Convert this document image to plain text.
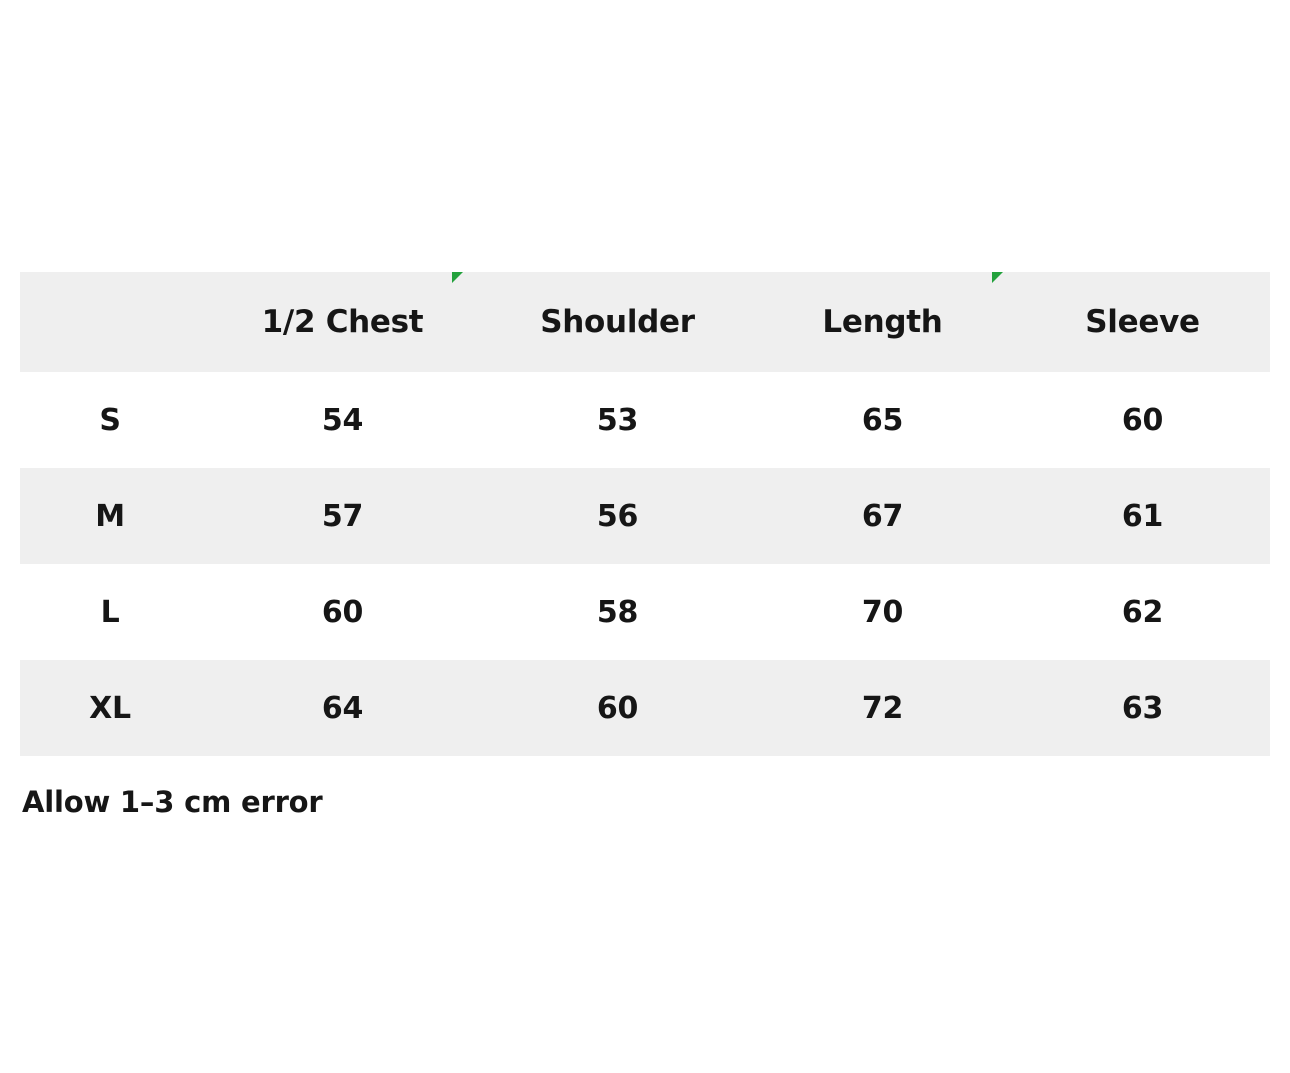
	1/2 Chest	Shoulder	Length	Sleeve
S	54	53	65	60
M	57	56	67	61
L	60	58	70	62
XL	64	60	72	63
Allow 1–3 cm error
